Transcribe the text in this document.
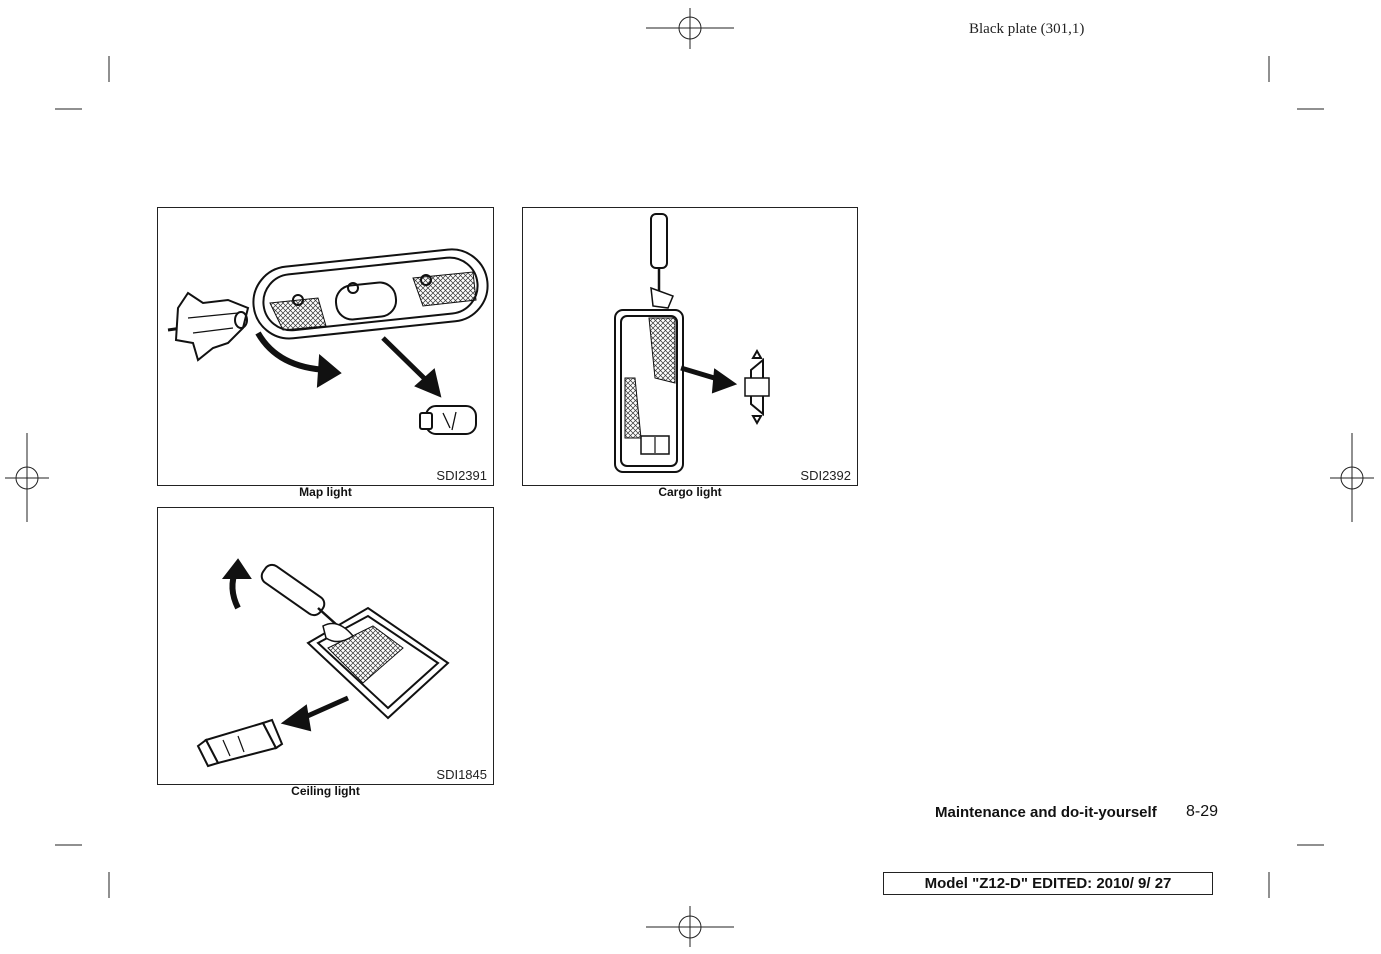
Black plate (301,1)
SDI2391
Map light
SDI2392
Cargo light
SDI1845
Ceiling light
Maintenance and do-it-yourself 8-29
Model "Z12-D" EDITED: 2010/ 9/ 27
